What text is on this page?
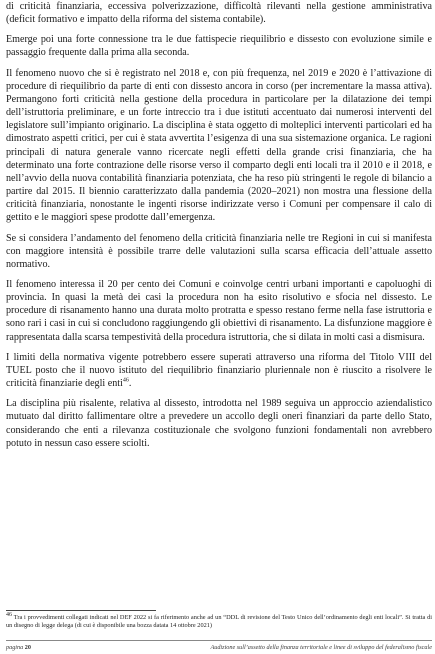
di criticità finanziaria, eccessiva polverizzazione, difficoltà rilevanti nella gestione amministrativa (deficit formativo e impatto della riforma del sistema contabile).

Emerge poi una forte connessione tra le due fattispecie riequilibrio e dissesto con evoluzione simile e passaggio frequente dalla prima alla seconda.

Il fenomeno nuovo che si è registrato nel 2018 e, con più frequenza, nel 2019 e 2020 è l’attivazione di procedure di riequilibrio da parte di enti con dissesto ancora in corso (per incrementare la massa attiva). Permangono forti criticità nella gestione della procedura in particolare per la dilatazione dei tempi dell’istruttoria preliminare, e un forte intreccio tra i due istituti accentuato dai numerosi interventi del legislatore sull’impianto originario. La disciplina è stata oggetto di molteplici interventi particolari ed ha dimostrato aspetti critici, per cui è stata avvertita l’esigenza di una sua sistemazione organica. Le ragioni principali di natura generale vanno ricercate negli effetti della grande crisi finanziaria, che ha determinato una forte contrazione delle risorse verso il comparto degli enti locali tra il 2010 e il 2018, e nell’avvio della nuova contabilità finanziaria potenziata, che ha reso più stringenti le regole di bilancio a partire dal 2015. Il biennio caratterizzato dalla pandemia (2020–2021) non mostra una flessione della criticità finanziaria, nonostante le ingenti risorse indirizzate verso i Comuni per compensare il calo di gettito e le maggiori spese prodotte dall’emergenza.

Se si considera l’andamento del fenomeno della criticità finanziaria nelle tre Regioni in cui si manifesta con maggiore intensità è possibile trarre delle valutazioni sulla scarsa efficacia dell’attuale assetto normativo.

Il fenomeno interessa il 20 per cento dei Comuni e coinvolge centri urbani importanti e capoluoghi di provincia. In quasi la metà dei casi la procedura non ha esito risolutivo e sfocia nel dissesto. Le procedure di risanamento hanno una durata molto protratta e spesso restano ferme nella fase istruttoria e sono rari i casi in cui si concludono raggiungendo gli obiettivi di risanamento. La disfunzione maggiore è rappresentata dalla scarsa tempestività della procedura istruttoria, che si dilata in molti casi a dismisura.

I limiti della normativa vigente potrebbero essere superati attraverso una riforma del Titolo VIII del TUEL posto che il nuovo istituto del riequilibrio finanziario pluriennale non è riuscito a risolvere le criticità finanziarie degli enti$^{46}$.

La disciplina più risalente, relativa al dissesto, introdotta nel 1989 seguiva un approccio aziendalistico mutuato dal diritto fallimentare oltre a prevedere un accollo degli oneri finanziari da parte dello Stato, considerando che enti a rilevanza costituzionale che svolgono funzioni fondamentali non avrebbero potuto in nessun caso essere sciolti.

$^{46}$ Tra i provvedimenti collegati indicati nel DEF 2022 si fa riferimento anche ad un “DDL di revisione del Testo Unico dell’ordinamento degli enti locali”. Si tratta di un disegno di legge delega (di cui è disponibile una bozza datata 14 ottobre 2021)
pagina 20	Audizione sull’assetto della finanza territoriale e linee di sviluppo del federalismo fiscale
